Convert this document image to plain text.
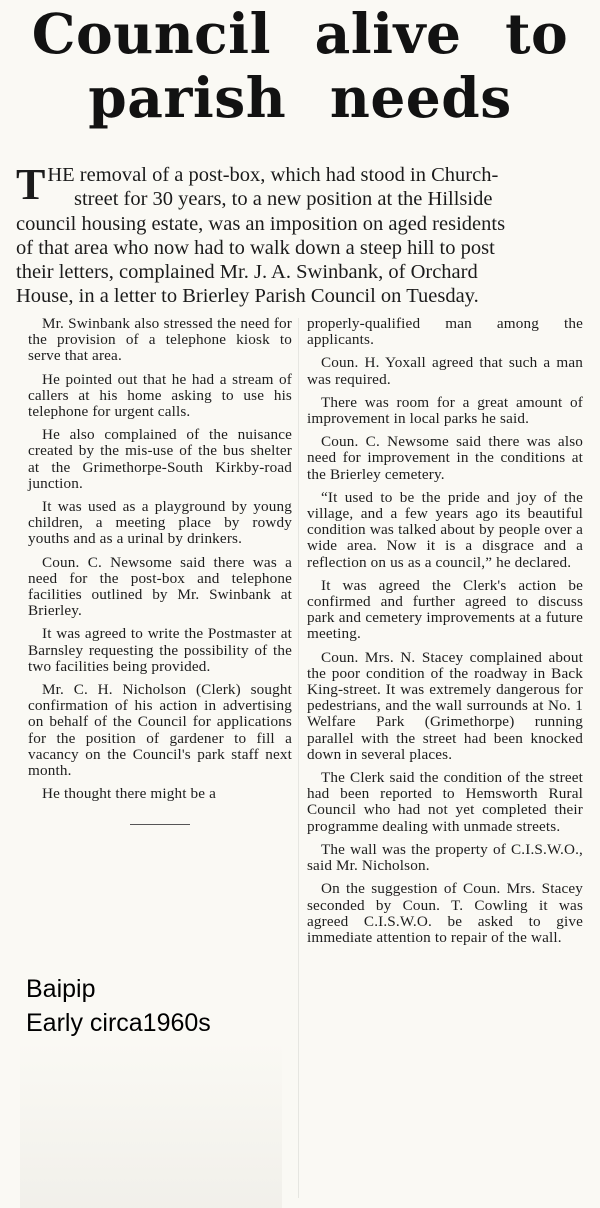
Council alive to
parish needs
T HE removal of a post-box, which had stood in Church-
street for 30 years, to a new position at the Hillside
council housing estate, was an imposition on aged residents
of that area who now had to walk down a steep hill to post
their letters, complained Mr. J. A. Swinbank, of Orchard
House, in a letter to Brierley Parish Council on Tuesday.

Mr. Swinbank also stressed the need for the provision of a telephone kiosk to serve that area.

He pointed out that he had a stream of callers at his home asking to use his telephone for urgent calls.

He also complained of the nuisance created by the mis-use of the bus shelter at the Grimethorpe-South Kirkby-road junction.

It was used as a playground by young children, a meeting place by rowdy youths and as a urinal by drinkers.

Coun. C. Newsome said there was a need for the post-box and telephone facilities outlined by Mr. Swinbank at Brierley.

It was agreed to write the Postmaster at Barnsley requesting the possibility of the two facilities being provided.

Mr. C. H. Nicholson (Clerk) sought confirmation of his action in advertising on behalf of the Council for applications for the position of gardener to fill a vacancy on the Council's park staff next month.

He thought there might be a

properly-qualified man among the applicants.

Coun. H. Yoxall agreed that such a man was required.

There was room for a great amount of improvement in local parks he said.

Coun. C. Newsome said there was also need for improvement in the conditions at the Brierley cemetery.

“It used to be the pride and joy of the village, and a few years ago its beautiful condition was talked about by people over a wide area. Now it is a disgrace and a reflection on us as a council,” he declared.

It was agreed the Clerk's action be confirmed and further agreed to discuss park and cemetery improvements at a future meeting.

Coun. Mrs. N. Stacey complained about the poor condition of the roadway in Back King-street. It was extremely dangerous for pedestrians, and the wall surrounds at No. 1 Welfare Park (Grimethorpe) running parallel with the street had been knocked down in several places.

The Clerk said the condition of the street had been reported to Hemsworth Rural Council who had not yet completed their programme dealing with unmade streets.

The wall was the property of C.I.S.W.O., said Mr. Nicholson.

On the suggestion of Coun. Mrs. Stacey seconded by Coun. T. Cowling it was agreed C.I.S.W.O. be asked to give immediate attention to repair of the wall.

Baipip
Early circa1960s
